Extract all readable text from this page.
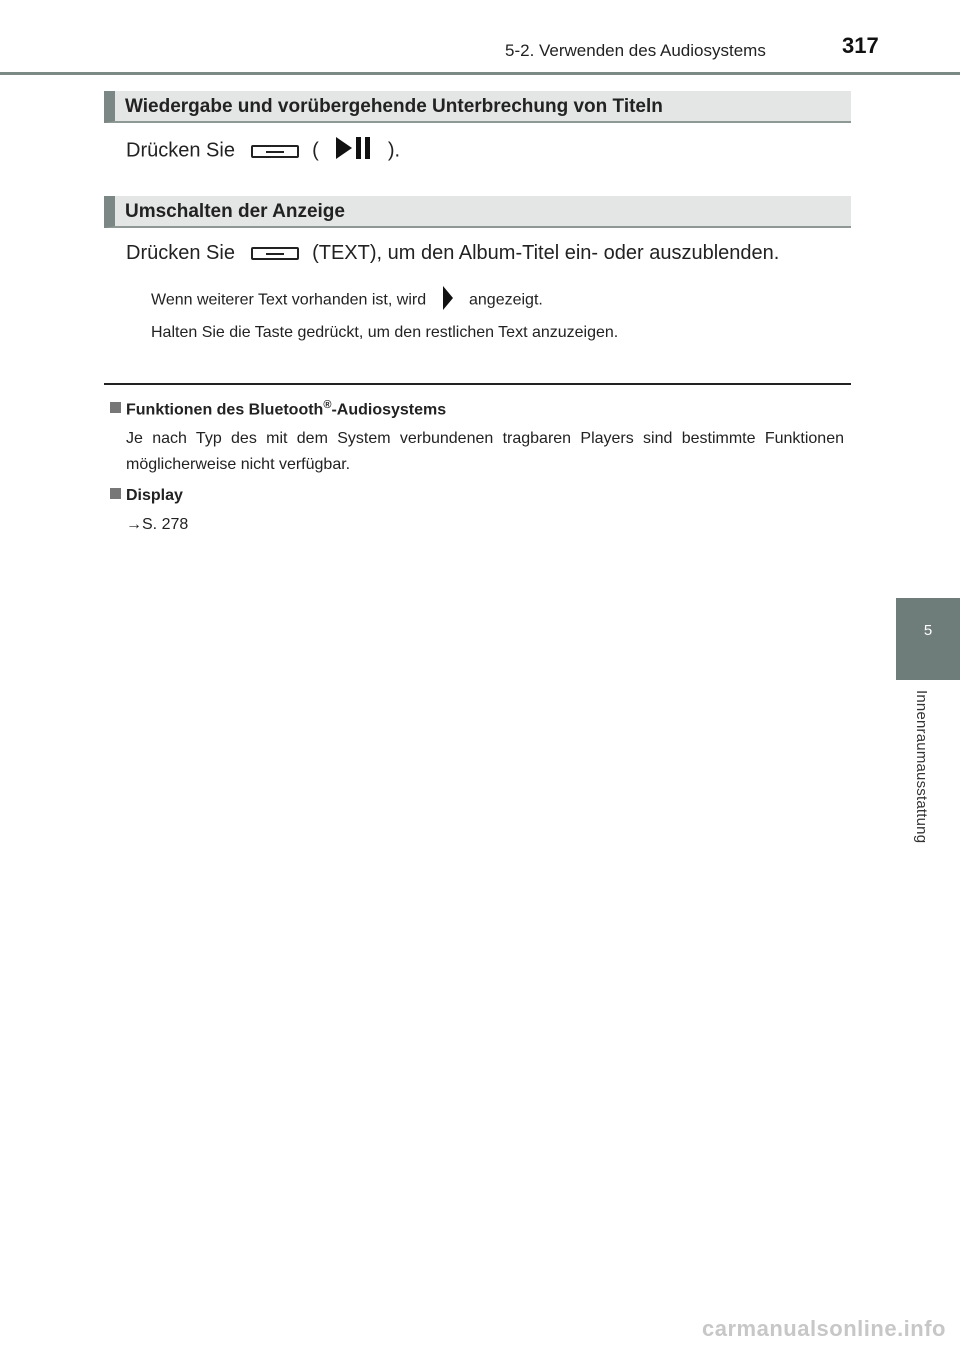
5-2. Verwenden des Audiosystems	317
5
Innenraumausstattung
Wiedergabe und vorübergehende Unterbrechung von Titeln
Drücken Sie	(	).
Umschalten der Anzeige
Drücken Sie	(TEXT), um den Album-Titel ein- oder auszublenden.
Wenn weiterer Text vorhanden ist, wird	angezeigt.
Halten Sie die Taste gedrückt, um den restlichen Text anzuzeigen.
Funktionen des Bluetooth®-Audiosystems
Je nach Typ des mit dem System verbundenen tragbaren Players sind bestimmte Funktionen möglicherweise nicht verfügbar.
Display
→S. 278
carmanualsonline.info
